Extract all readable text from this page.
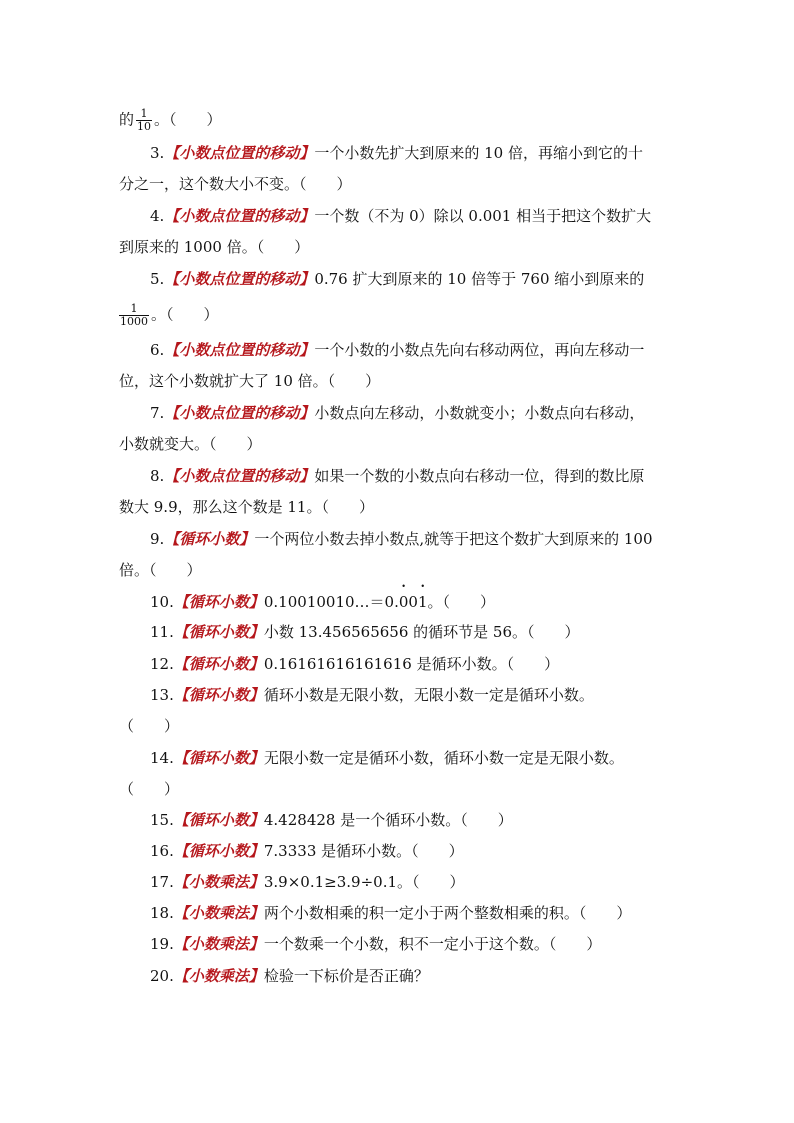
的 $\frac{1}{10}$ 。（　　）
3.【小数点位置的移动】一个小数先扩大到原来的 10 倍，再缩小到它的十
分之一，这个数大小不变。（　　）
4.【小数点位置的移动】一个数（不为 0）除以 0.001 相当于把这个数扩大
到原来的 1000 倍。（　　）
5.【小数点位置的移动】0.76 扩大到原来的 10 倍等于 760 缩小到原来的
$\frac{1}{1000}$ 。（　　）
6.【小数点位置的移动】一个小数的小数点先向右移动两位，再向左移动一
位，这个小数就扩大了 10 倍。（　　）
7.【小数点位置的移动】小数点向左移动，小数就变小；小数点向右移动，
小数就变大。（　　）
8.【小数点位置的移动】如果一个数的小数点向右移动一位，得到的数比原
数大 9.9，那么这个数是 11。（　　）
9.【循环小数】一个两位小数去掉小数点,就等于把这个数扩大到原来的 100
倍。（　　）
10.【循环小数】0.10010010…＝0.• 00• 1。（　　）
11.【循环小数】小数 13.456565656 的循环节是 56。（　　）
12.【循环小数】0.16161616161616 是循环小数。（　　）
13.【循环小数】循环小数是无限小数，无限小数一定是循环小数。
（　　）
14.【循环小数】无限小数一定是循环小数，循环小数一定是无限小数。
（　　）
15.【循环小数】4.428428 是一个循环小数。（　　）
16.【循环小数】7.3333 是循环小数。（　　）
17.【小数乘法】3.9×0.1≥3.9÷0.1。（　　）
18.【小数乘法】两个小数相乘的积一定小于两个整数相乘的积。（　　）
19.【小数乘法】一个数乘一个小数，积不一定小于这个数。（　　）
20.【小数乘法】检验一下标价是否正确？
